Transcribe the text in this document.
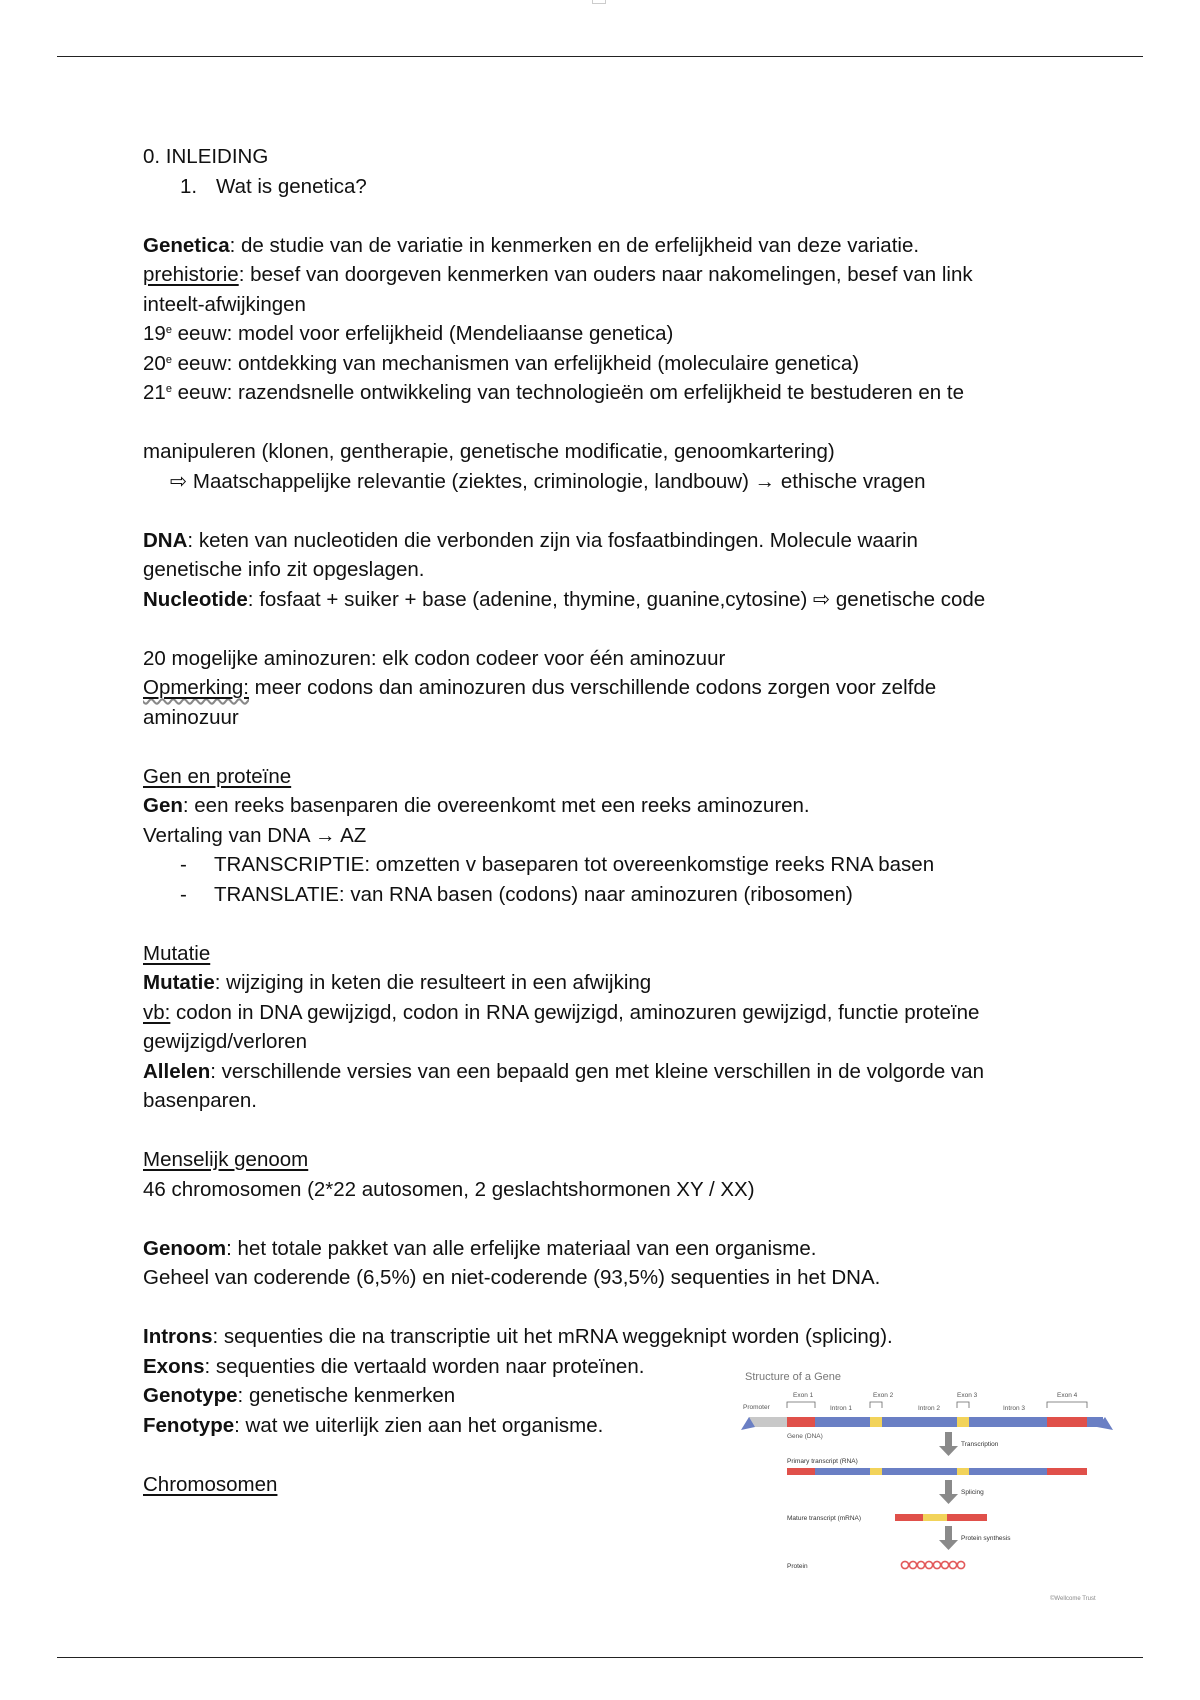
0. INLEIDING

1. Wat is genetica?

Genetica: de studie van de variatie in kenmerken en de erfelijkheid van deze variatie.

prehistorie: besef van doorgeven kenmerken van ouders naar nakomelingen, besef van link

inteelt-afwijkingen

19e eeuw: model voor erfelijkheid (Mendeliaanse genetica)

20e eeuw: ontdekking van mechanismen van erfelijkheid (moleculaire genetica)

21e eeuw: razendsnelle ontwikkeling van technologieën om erfelijkheid te bestuderen en te

manipuleren (klonen, gentherapie, genetische modificatie, genoomkartering)

⇨ Maatschappelijke relevantie (ziektes, criminologie, landbouw) → ethische vragen

DNA: keten van nucleotiden die verbonden zijn via fosfaatbindingen. Molecule waarin

genetische info zit opgeslagen.

Nucleotide: fosfaat + suiker + base (adenine, thymine, guanine,cytosine) ⇨ genetische code

20 mogelijke aminozuren: elk codon codeer voor één aminozuur

Opmerking: meer codons dan aminozuren dus verschillende codons zorgen voor zelfde

aminozuur

Gen en proteïne

Gen: een reeks basenparen die overeenkomt met een reeks aminozuren.

Vertaling van DNA → AZ

- TRANSCRIPTIE: omzetten v baseparen tot overeenkomstige reeks RNA basen

- TRANSLATIE: van RNA basen (codons) naar aminozuren (ribosomen)

Mutatie

Mutatie: wijziging in keten die resulteert in een afwijking

vb: codon in DNA gewijzigd, codon in RNA gewijzigd, aminozuren gewijzigd, functie proteïne

gewijzigd/verloren

Allelen: verschillende versies van een bepaald gen met kleine verschillen in de volgorde van

basenparen.

Menselijk genoom

46 chromosomen (2*22 autosomen, 2 geslachtshormonen XY / XX)

Genoom: het totale pakket van alle erfelijke materiaal van een organisme.

Geheel van coderende (6,5%) en niet-coderende (93,5%) sequenties in het DNA.

Introns: sequenties die na transcriptie uit het mRNA weggeknipt worden (splicing).

Exons: sequenties die vertaald worden naar proteïnen.

Genotype: genetische kenmerken

Fenotype: wat we uiterlijk zien aan het organisme.

Chromosomen

Structure of a Gene
Promoter
Exon 1	Exon 2	Exon 3	Exon 4
Intron 1	Intron 2	Intron 3
Gene (DNA)
Transcription
Primary transcript (RNA)
Splicing
Mature transcript (mRNA)
Protein synthesis
Protein
©Wellcome Trust
